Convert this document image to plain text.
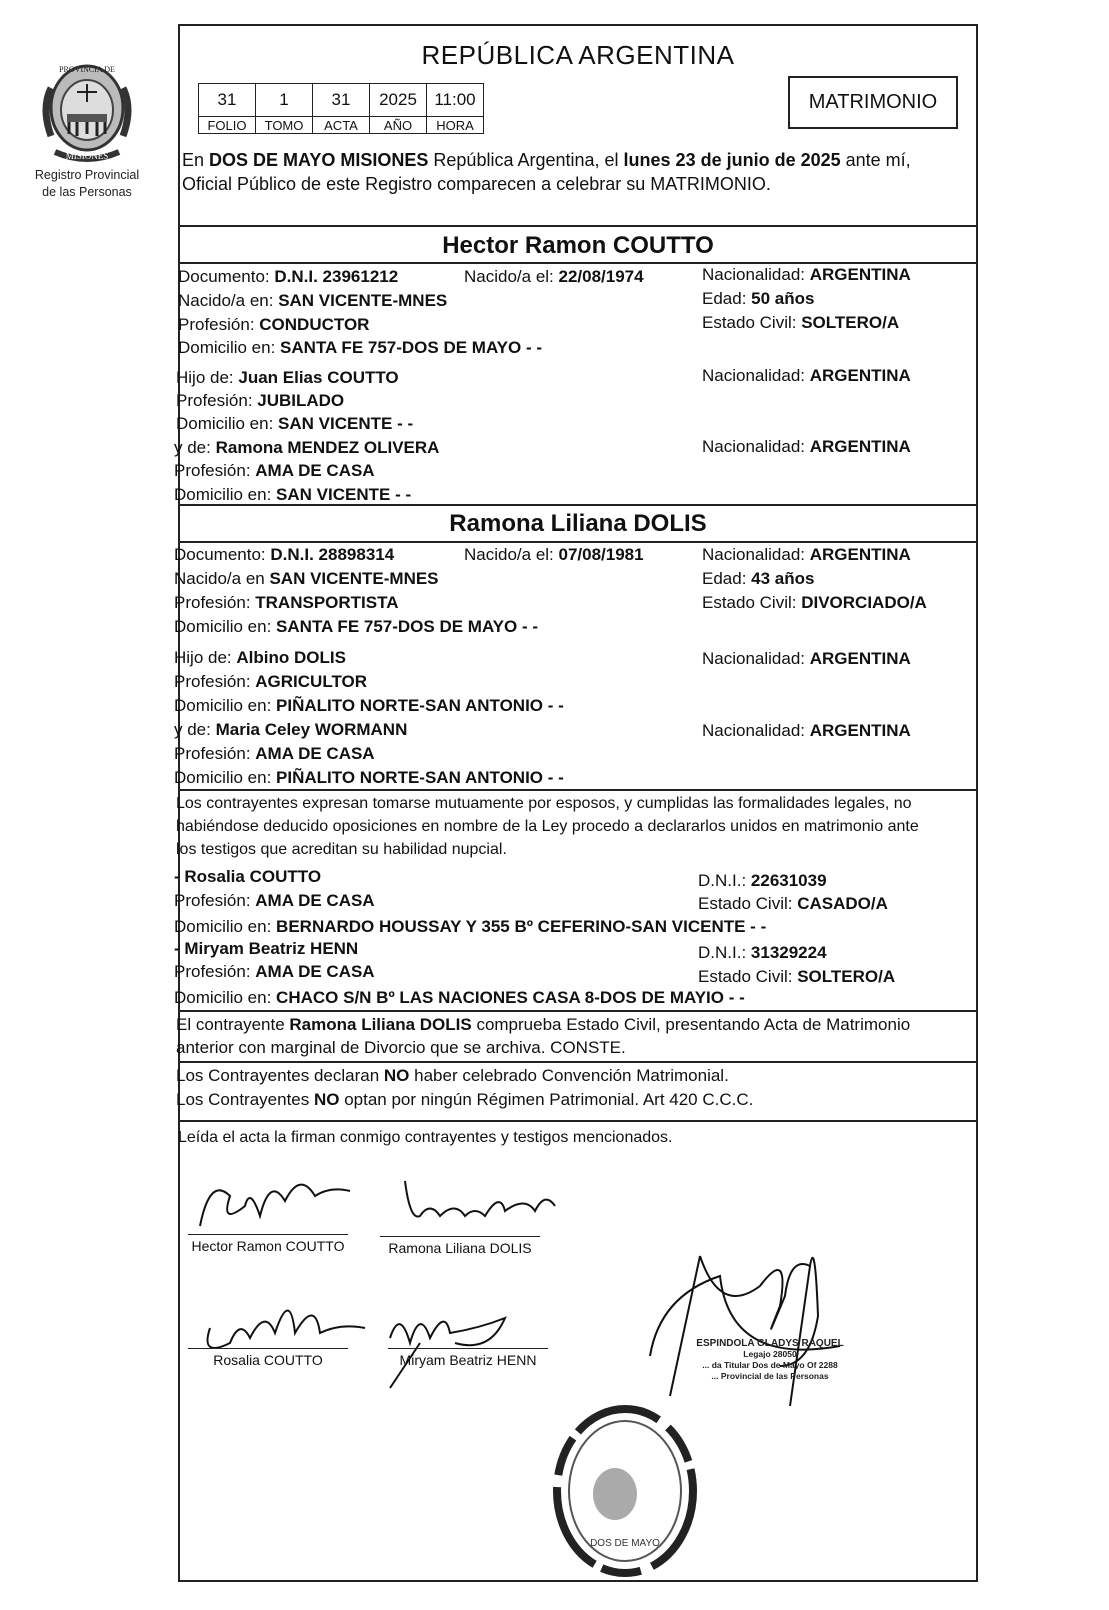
PROVINCIA DE
MISIONES
Registro Provincial
de las Personas
REPÚBLICA ARGENTINA
31	1	31	2025	11:00
FOLIO	TOMO	ACTA	AÑO	HORA
MATRIMONIO
En DOS DE MAYO MISIONES República Argentina, el lunes 23 de junio de 2025 ante mí,
Oficial Público de este Registro comparecen a celebrar su MATRIMONIO.
Hector Ramon COUTTO
Documento: D.N.I. 23961212	Nacido/a el: 22/08/1974	Nacionalidad: ARGENTINA
Nacido/a en: SAN VICENTE-MNES	Edad: 50 años
Profesión: CONDUCTOR	Estado Civil: SOLTERO/A
Domicilio en: SANTA FE 757-DOS DE MAYO - -
Hijo de: Juan Elias COUTTO	Nacionalidad: ARGENTINA
Profesión: JUBILADO
Domicilio en: SAN VICENTE - -
y de: Ramona MENDEZ OLIVERA	Nacionalidad: ARGENTINA
Profesión: AMA DE CASA
Domicilio en: SAN VICENTE - -
Ramona Liliana DOLIS
Documento: D.N.I. 28898314	Nacido/a el: 07/08/1981	Nacionalidad: ARGENTINA
Nacido/a en SAN VICENTE-MNES	Edad: 43 años
Profesión: TRANSPORTISTA	Estado Civil: DIVORCIADO/A
Domicilio en: SANTA FE 757-DOS DE MAYO - -
Hijo de: Albino DOLIS	Nacionalidad: ARGENTINA
Profesión: AGRICULTOR
Domicilio en: PIÑALITO NORTE-SAN ANTONIO - -
y de: Maria Celey WORMANN	Nacionalidad: ARGENTINA
Profesión: AMA DE CASA
Domicilio en: PIÑALITO NORTE-SAN ANTONIO - -
Los contrayentes expresan tomarse mutuamente por esposos, y cumplidas las formalidades legales, no
habiéndose deducido oposiciones en nombre de la Ley procedo a declararlos unidos en matrimonio ante
los testigos que acreditan su habilidad nupcial.
- Rosalia COUTTO	D.N.I.: 22631039
Profesión: AMA DE CASA	Estado Civil: CASADO/A
Domicilio en: BERNARDO HOUSSAY Y 355 Bº CEFERINO-SAN VICENTE - -
- Miryam Beatriz HENN	D.N.I.: 31329224
Profesión: AMA DE CASA	Estado Civil: SOLTERO/A
Domicilio en: CHACO S/N Bº LAS NACIONES CASA 8-DOS DE MAYIO - -
El contrayente Ramona Liliana DOLIS comprueba Estado Civil, presentando Acta de Matrimonio
anterior con marginal de Divorcio que se archiva. CONSTE.
Los Contrayentes declaran NO haber celebrado Convención Matrimonial.
Los Contrayentes NO optan por ningún Régimen Patrimonial. Art 420 C.C.C.
Leída el acta la firman conmigo contrayentes y testigos mencionados.
Hector Ramon COUTTO	Ramona Liliana DOLIS
Rosalia COUTTO	Miryam Beatriz HENN
ESPINDOLA GLADYS RAQUEL
Legajo 28050
... da Titular Dos de Mayo Of 2288
... Provincial de las Personas
DOS DE MAYO
